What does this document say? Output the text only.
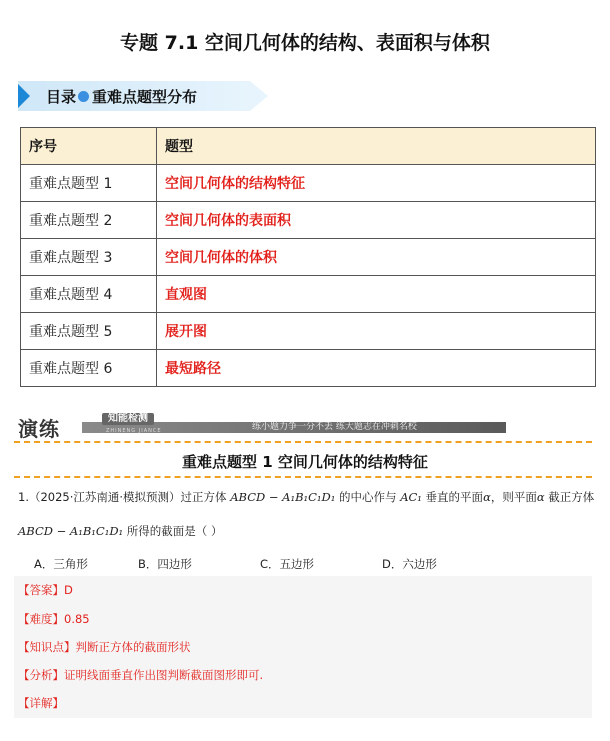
专题 7.1 空间几何体的结构、表面积与体积
目录 重难点题型分布
序号	题型
重难点题型 1	空间几何体的结构特征
重难点题型 2	空间几何体的表面积
重难点题型 3	空间几何体的体积
重难点题型 4	直观图
重难点题型 5	展开图
重难点题型 6	最短路径
演练	知能检测
ZHINENG JIANCE	练小题力争一分不丢 练大题志在冲刺名校
重难点题型 1 空间几何体的结构特征
1.（2025·江苏南通·模拟预测）过正方体 ABCD − A₁B₁C₁D₁ 的中心作与 AC₁ 垂直的平面α，则平面α 截正方体
ABCD − A₁B₁C₁D₁ 所得的截面是（ ）
A．三角形	B．四边形	C．五边形	D．六边形
【答案】D
【难度】0.85
【知识点】判断正方体的截面形状
【分析】证明线面垂直作出图判断截面图形即可.
【详解】
